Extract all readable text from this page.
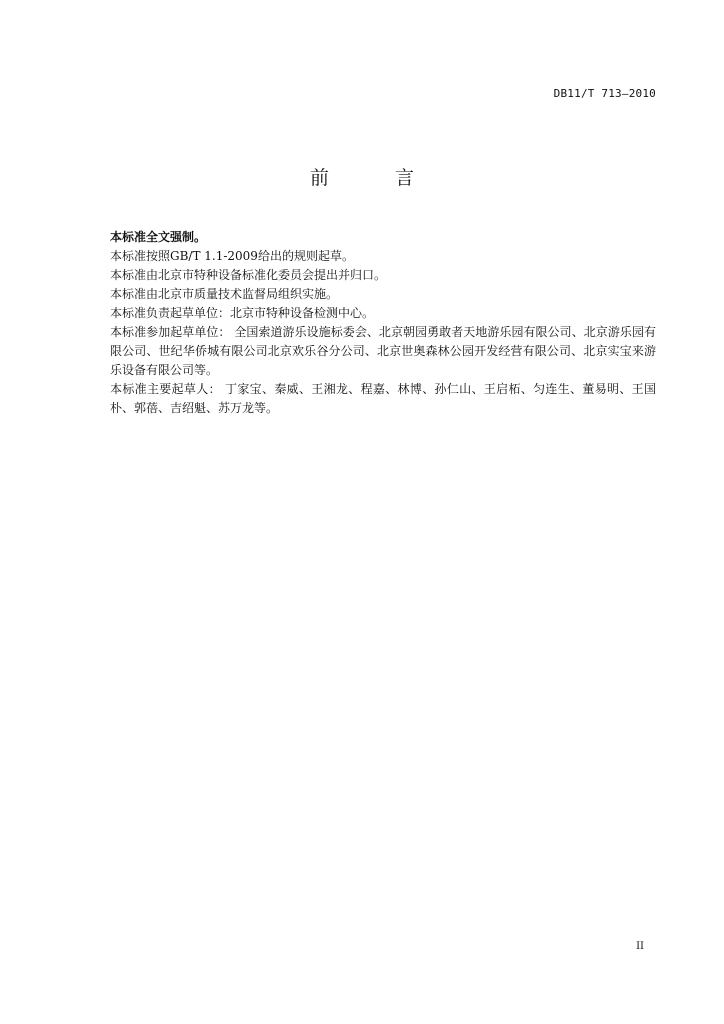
DB11/T 713—2010
前 言

本标准全文强制。

本标准按照GB/T 1.1-2009给出的规则起草。

本标准由北京市特种设备标准化委员会提出并归口。

本标准由北京市质量技术监督局组织实施。

本标准负责起草单位：北京市特种设备检测中心。

本标准参加起草单位： 全国索道游乐设施标委会、北京朝园勇敢者天地游乐园有限公司、北京游乐园有限公司、世纪华侨城有限公司北京欢乐谷分公司、北京世奥森林公园开发经营有限公司、北京实宝来游乐设备有限公司等。

本标准主要起草人： 丁家宝、秦威、王湘龙、程嘉、林博、孙仁山、王启柘、匀连生、董易明、王国朴、郭蓓、吉绍魁、苏万龙等。

II
